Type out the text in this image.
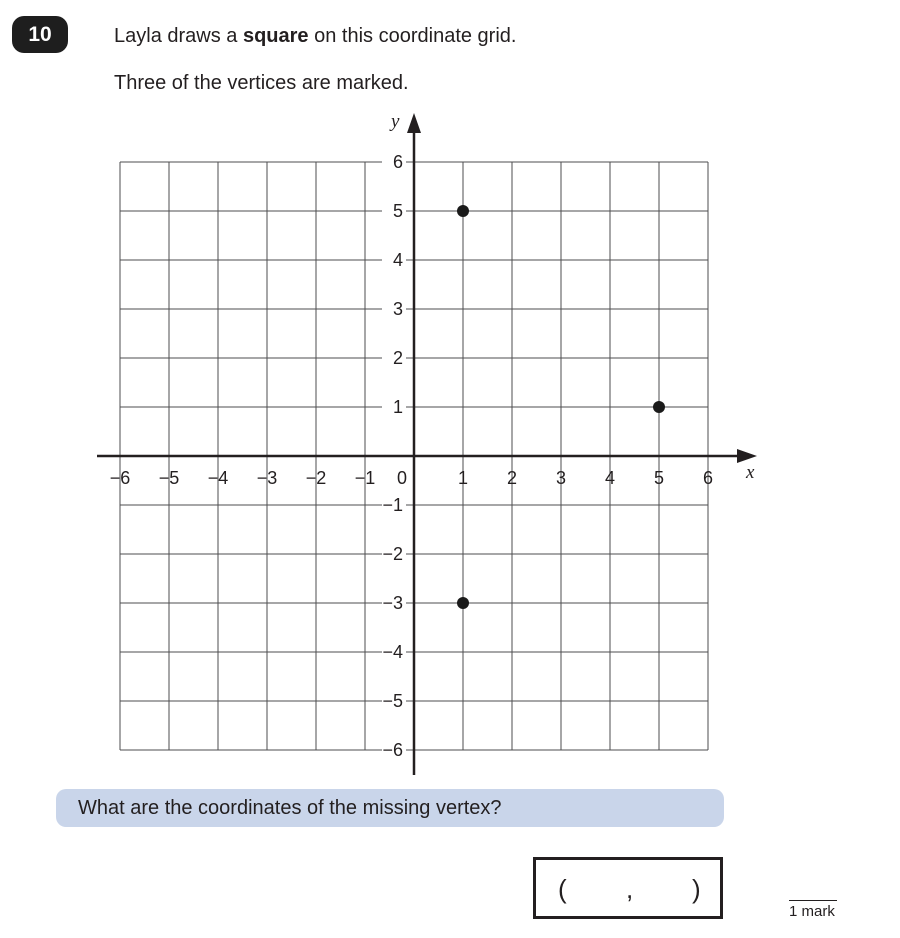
10	Layla draws a square on this coordinate grid.
Three of the vertices are marked.
x
y
−6 −5 −4 −3 −2 −1 0	1 2 3 4 5 6
6
5
4
3
2
1
−1
−2
−3
−4
−5
−6
What are the coordinates of the missing vertex?
( , )
1 mark
